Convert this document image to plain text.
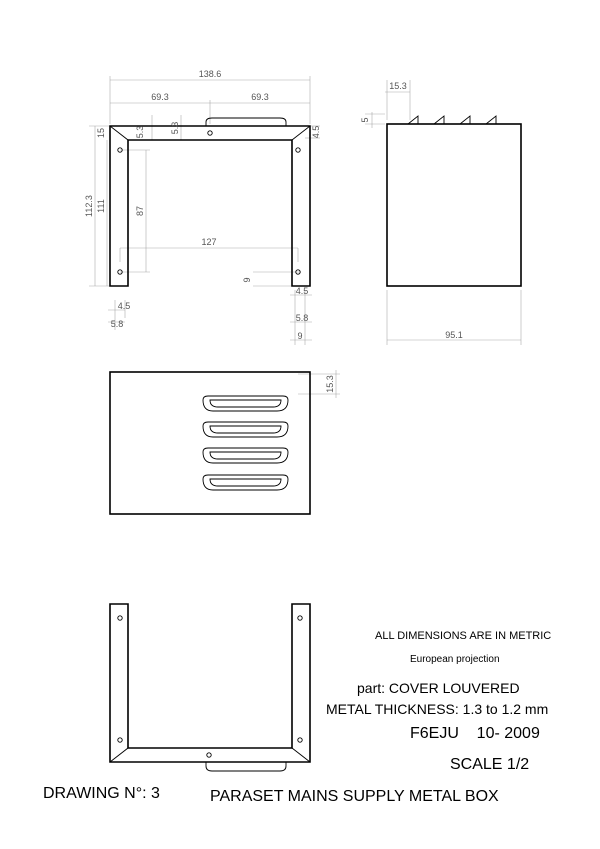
138.6
69.3	69.3
112.3 111
15	5.3	5.3	4.5
87
127
9
4.5
5.8
4.5
5.8
9
15.3
5
95.1
15.3
ALL DIMENSIONS ARE IN METRIC
European projection
part: COVER LOUVERED
METAL THICKNESS: 1.3 to 1.2 mm
F6EJU    10- 2009
SCALE 1/2
DRAWING N°: 3	PARASET MAINS SUPPLY METAL BOX
